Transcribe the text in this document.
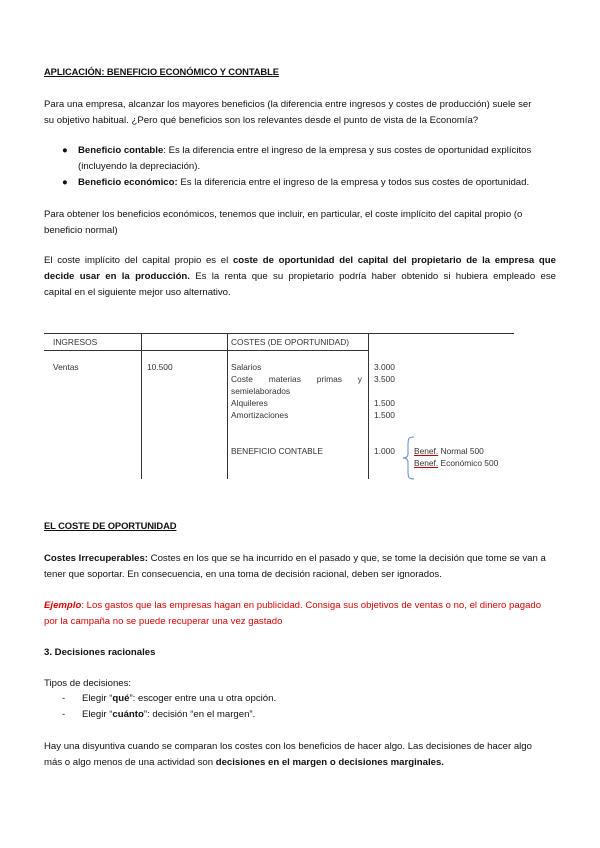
APLICACIÓN: BENEFICIO ECONÓMICO Y CONTABLE
Para una empresa, alcanzar los mayores beneficios (la diferencia entre ingresos y costes de producción) suele ser
su objetivo habitual. ¿Pero qué beneficios son los relevantes desde el punto de vista de la Economía?
●	Beneficio contable: Es la diferencia entre el ingreso de la empresa y sus costes de oportunidad explícitos
(incluyendo la depreciación).
●	Beneficio económico: Es la diferencia entre el ingreso de la empresa y todos sus costes de oportunidad.
Para obtener los beneficios económicos, tenemos que incluir, en particular, el coste implícito del capital propio (o
beneficio normal)
El coste implícito del capital propio es el coste de oportunidad del capital del propietario de la empresa que
decide usar en la producción. Es la renta que su propietario podría haber obtenido si hubiera empleado ese
capital en el siguiente mejor uso alternativo.
INGRESOS	COSTES (DE OPORTUNIDAD)
Ventas	10.500	Salarios	3.000
Coste materias primas y 3.500
semielaborados
Alquileres	1.500
Amortizaciones	1.500
BENEFICIO CONTABLE	1.000 Benef. Normal 500
Benef. Económico 500
EL COSTE DE OPORTUNIDAD
Costes Irrecuperables: Costes en los que se ha incurrido en el pasado y que, se tome la decisión que tome se van a
tener que soportar. En consecuencia, en una toma de decisión racional, deben ser ignorados.
Ejemplo: Los gastos que las empresas hagan en publicidad. Consiga sus objetivos de ventas o no, el dinero pagado
por la campaña no se puede recuperar una vez gastado
3. Decisiones racionales
Tipos de decisiones:
-	Elegir “qué”: escoger entre una u otra opción.
-	Elegir “cuánto”: decisión “en el margen”.
Hay una disyuntiva cuando se comparan los costes con los beneficios de hacer algo. Las decisiones de hacer algo
más o algo menos de una actividad son decisiones en el margen o decisiones marginales.
